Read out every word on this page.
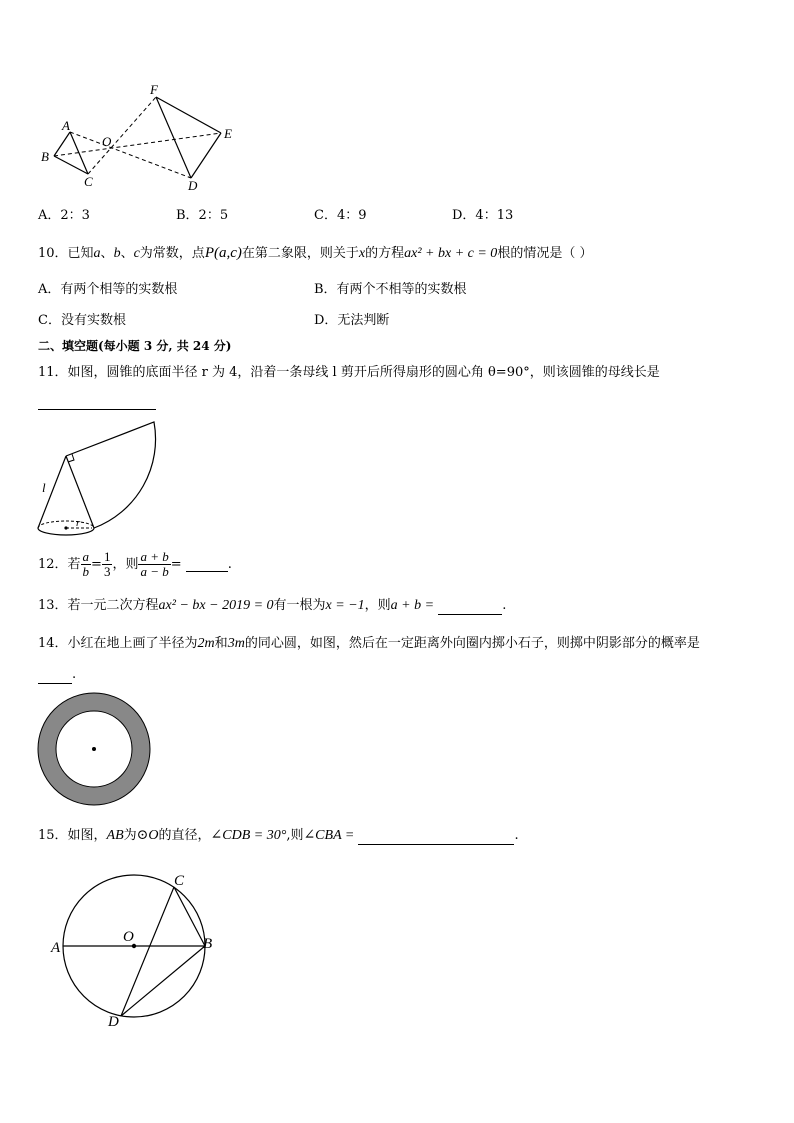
F
A
O
E
B
C	D
A．2：3	B．2：5	C．4：9	D．4：13
10．已知a、b、c为常数，点P(a,c)在第二象限，则关于x的方程ax² + bx + c = 0根的情况是（ ）
A．有两个相等的实数根	B．有两个不相等的实数根
C．没有实数根	D．无法判断
二、填空题(每小题 3 分, 共 24 分)
11．如图，圆锥的底面半径 r 为 4，沿着一条母线 l 剪开后所得扇形的圆心角 θ=90°，则该圆锥的母线长是
l
r
12．若 $\frac{a}{b} = \frac{1}{3}$ ，则 $\frac{a + b}{a - b}$ =	.
13．若一元二次方程ax² − bx − 2019 = 0有一根为x = −1，则a + b =	.
14．小红在地上画了半径为2m和3m的同心圆，如图，然后在一定距离外向圈内掷小石子，则掷中阴影部分的概率是
.
15．如图，AB为⊙O的直径，∠CDB = 30°,则∠CBA =	.
C
A
O	B
D
